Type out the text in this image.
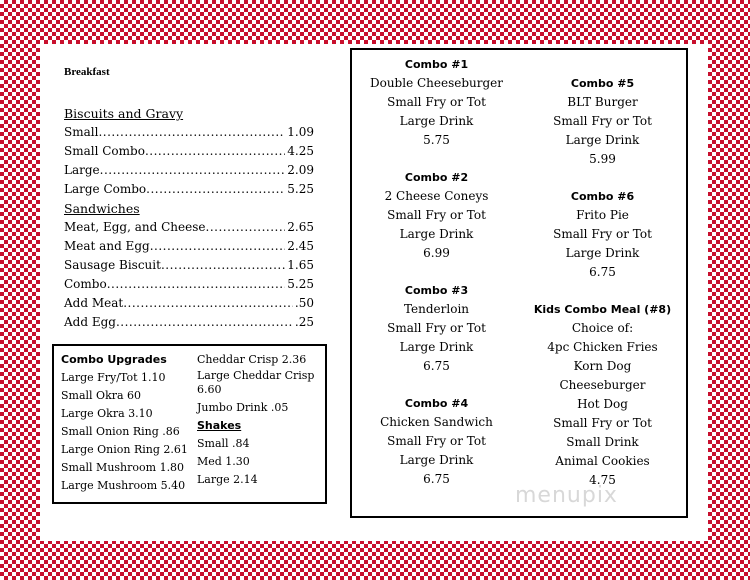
Breakfast
Biscuits and Gravy
Small .....	1.09
Small Combo .....	4.25
Large .....	2.09
Large Combo .....	5.25
Sandwiches
Meat, Egg, and Cheese .....	2.65
Meat and Egg .....	2.45
Sausage Biscuit .....	1.65
Combo .....	5.25
Add Meat .....	.50
Add Egg .....	.25
Combo Upgrades
Large Fry/Tot 1.10
Small Okra 60
Large Okra 3.10
Small Onion Ring .86
Large Onion Ring 2.61
Small Mushroom 1.80
Large Mushroom 5.40
Cheddar Crisp 2.36
Large Cheddar Crisp 6.60
Jumbo Drink .05
Shakes
Small .84
Med 1.30
Large 2.14
Combo #1
Double Cheeseburger
Small Fry or Tot
Large Drink
5.75
Combo #2
2 Cheese Coneys
Small Fry or Tot
Large Drink
6.99
Combo #3
Tenderloin
Small Fry or Tot
Large Drink
6.75
Combo #4
Chicken Sandwich
Small Fry or Tot
Large Drink
6.75
Combo #5
BLT Burger
Small Fry or Tot
Large Drink
5.99
Combo #6
Frito Pie
Small Fry or Tot
Large Drink
6.75
Kids Combo Meal (#8)
Choice of:
4pc Chicken Fries
Korn Dog
Cheeseburger
Hot Dog
Small Fry or Tot
Small Drink
Animal Cookies
4.75
menupix
